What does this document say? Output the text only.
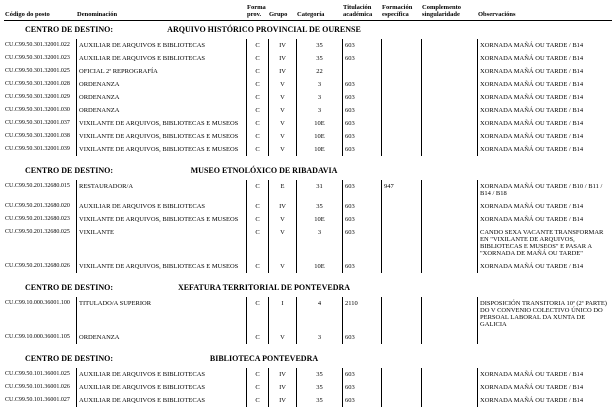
Código do posto	Denominación
Forma prov.	Grupo	Categoría
Titulación académica
Formación específica
Complemento singularidade	Observacións
CENTRO DE DESTINO:	ARQUIVO HISTÓRICO PROVINCIAL DE OURENSE
CU.C99.50.301.32001.022	AUXILIAR DE ARQUIVOS E BIBLIOTECAS	C	IV	35	603	XORNADA MAÑÁ OU TARDE / B14
CU.C99.50.301.32001.023	AUXILIAR DE ARQUIVOS E BIBLIOTECAS	C	IV	35	603	XORNADA MAÑÁ OU TARDE / B14
CU.C99.50.301.32001.025	OFICIAL 2ª REPROGRAFÍA	C	IV	22	XORNADA MAÑÁ OU TARDE / B14
CU.C99.50.301.32001.028	ORDENANZA	C	V	3	603	XORNADA MAÑÁ OU TARDE / B14
CU.C99.50.301.32001.029	ORDENANZA	C	V	3	603	XORNADA MAÑÁ OU TARDE / B14
CU.C99.50.301.32001.030	ORDENANZA	C	V	3	603	XORNADA MAÑÁ OU TARDE / B14
CU.C99.50.301.32001.037	VIXILANTE DE ARQUIVOS, BIBLIOTECAS E MUSEOS	C	V	10E	603	XORNADA MAÑÁ OU TARDE / B14
CU.C99.50.301.32001.038	VIXILANTE DE ARQUIVOS, BIBLIOTECAS E MUSEOS	C	V	10E	603	XORNADA MAÑÁ OU TARDE / B14
CU.C99.50.301.32001.039	VIXILANTE DE ARQUIVOS, BIBLIOTECAS E MUSEOS	C	V	10E	603	XORNADA MAÑÁ OU TARDE / B14
CENTRO DE DESTINO:	MUSEO ETNOLÓXICO DE RIBADAVIA
CU.C99.50.201.32680.015	RESTAURADOR/A	C	E	31	603	947	XORNADA MAÑÁ OU TARDE / B10 / B11 / B14 / B18
CU.C99.50.201.32680.020	AUXILIAR DE ARQUIVOS E BIBLIOTECAS	C	IV	35	603	XORNADA MAÑÁ OU TARDE / B14
CU.C99.50.201.32680.023	VIXILANTE DE ARQUIVOS, BIBLIOTECAS E MUSEOS	C	V	10E	603	XORNADA MAÑÁ OU TARDE / B14
CU.C99.50.201.32680.025	VIXILANTE	C	V	3	603	CANDO SEXA VACANTE TRANSFORMAR EN "VIXILANTE DE ARQUIVOS, BIBLIOTECAS E MUSEOS" E PASAR A "XORNADA DE MAÑÁ OU TARDE"
CU.C99.50.201.32680.026	VIXILANTE DE ARQUIVOS, BIBLIOTECAS E MUSEOS	C	V	10E	603	XORNADA MAÑÁ OU TARDE / B14
CENTRO DE DESTINO:	XEFATURA TERRITORIAL DE PONTEVEDRA
CU.C99.10.000.36001.100	TITULADO/A SUPERIOR	C	I	4	2110	DISPOSICIÓN TRANSITORIA 10ª (2ª PARTE) DO V CONVENIO COLECTIVO ÚNICO DO PERSOAL LABORAL DA XUNTA DE GALICIA
CU.C99.10.000.36001.105	ORDENANZA	C	V	3	603
CENTRO DE DESTINO:	BIBLIOTECA PONTEVEDRA
CU.C99.50.101.36001.025	AUXILIAR DE ARQUIVOS E BIBLIOTECAS	C	IV	35	603	XORNADA MAÑÁ OU TARDE / B14
CU.C99.50.101.36001.026	AUXILIAR DE ARQUIVOS E BIBLIOTECAS	C	IV	35	603	XORNADA MAÑÁ OU TARDE / B14
CU.C99.50.101.36001.027	AUXILIAR DE ARQUIVOS E BIBLIOTECAS	C	IV	35	603	XORNADA MAÑÁ OU TARDE / B14
